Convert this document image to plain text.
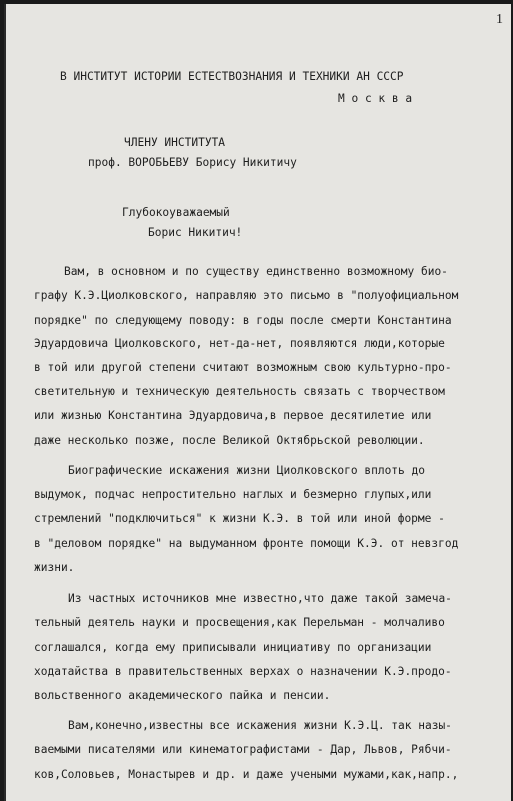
1
В ИНСТИТУТ ИСТОРИИ ЕСТЕСТВОЗНАНИЯ И ТЕХНИКИ АН СССР
М о с к в а
ЧЛЕНУ ИНСТИТУТА
проф. ВОРОБЬЕВУ Борису Никитичу
Глубокоуважаемый
Борис Никитич!
Вам, в основном и по существу единственно возможному био-
графу К.Э.Циолковского, направляю это письмо в "полуофициальном
порядке" по следующему поводу: в годы после смерти Константина
Эдуардовича Циолковского, нет-да-нет, появляются люди,которые
в той или другой степени считают возможным свою культурно-про-
светительную и техническую деятельность связать с творчеством
или жизнью Константина Эдуардовича,в первое десятилетие или
даже несколько позже, после Великой Октябрьской революции.
Биографические искажения жизни Циолковского вплоть до
выдумок, подчас непростительно наглых и безмерно глупых,или
стремлений "подключиться" к жизни К.Э. в той или иной форме -
в "деловом порядке" на выдуманном фронте помощи К.Э. от невзгод
жизни.
Из частных источников мне известно,что даже такой замеча-
тельный деятель науки и просвещения,как Перельман - молчаливо
соглашался, когда ему приписывали инициативу по организации
ходатайства в правительственных верхах о назначении К.Э.продо-
вольственного академического пайка и пенсии.
Вам,конечно,известны все искажения жизни К.Э.Ц. так назы-
ваемыми писателями или кинематографистами - Дар, Львов, Рябчи-
ков,Соловьев, Монастырев и др. и даже учеными мужами,как,напр.,
